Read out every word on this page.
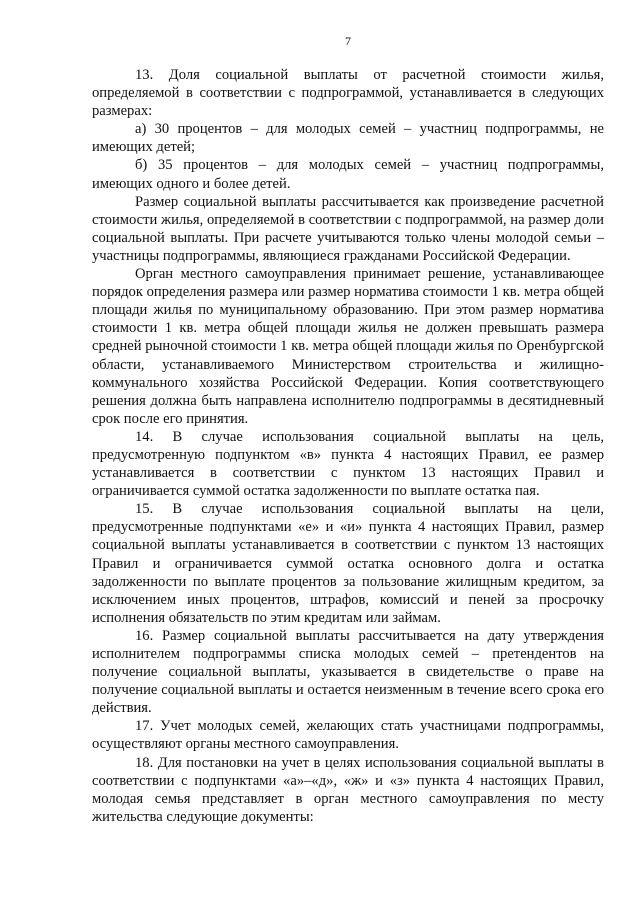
7

13. Доля социальной выплаты от расчетной стоимости жилья, определяемой в соответствии с подпрограммой, устанавливается в следующих размерах:

а) 30 процентов – для молодых семей – участниц подпрограммы, не имеющих детей;

б) 35 процентов – для молодых семей – участниц подпрограммы, имеющих одного и более детей.

Размер социальной выплаты рассчитывается как произведение расчетной стоимости жилья, определяемой в соответствии с подпрограммой, на размер доли социальной выплаты. При расчете учитываются только члены молодой семьи – участницы подпрограммы, являющиеся гражданами Российской Федерации.

Орган местного самоуправления принимает решение, устанавливающее порядок определения размера или размер норматива стоимости 1 кв. метра общей площади жилья по муниципальному образованию. При этом размер норматива стоимости 1 кв. метра общей площади жилья не должен превышать размера средней рыночной стоимости 1 кв. метра общей площади жилья по Оренбургской области, устанавливаемого Министерством строительства и жилищно-коммунального хозяйства Российской Федерации. Копия соответствующего решения должна быть направлена исполнителю подпрограммы в десятидневный срок после его принятия.

14. В случае использования социальной выплаты на цель, предусмотренную подпунктом «в» пункта 4 настоящих Правил, ее размер устанавливается в соответствии с пунктом 13 настоящих Правил и ограничивается суммой остатка задолженности по выплате остатка пая.

15. В случае использования социальной выплаты на цели, предусмотренные подпунктами «е» и «и» пункта 4 настоящих Правил, размер социальной выплаты устанавливается в соответствии с пунктом 13 настоящих Правил и ограничивается суммой остатка основного долга и остатка задолженности по выплате процентов за пользование жилищным кредитом, за исключением иных процентов, штрафов, комиссий и пеней за просрочку исполнения обязательств по этим кредитам или займам.

16. Размер социальной выплаты рассчитывается на дату утверждения исполнителем подпрограммы списка молодых семей – претендентов на получение социальной выплаты, указывается в свидетельстве о праве на получение социальной выплаты и остается неизменным в течение всего срока его действия.

17. Учет молодых семей, желающих стать участницами подпрограммы, осуществляют органы местного самоуправления.

18. Для постановки на учет в целях использования социальной выплаты в соответствии с подпунктами «а»–«д», «ж» и «з» пункта 4 настоящих Правил, молодая семья представляет в орган местного самоуправления по месту жительства следующие документы:
